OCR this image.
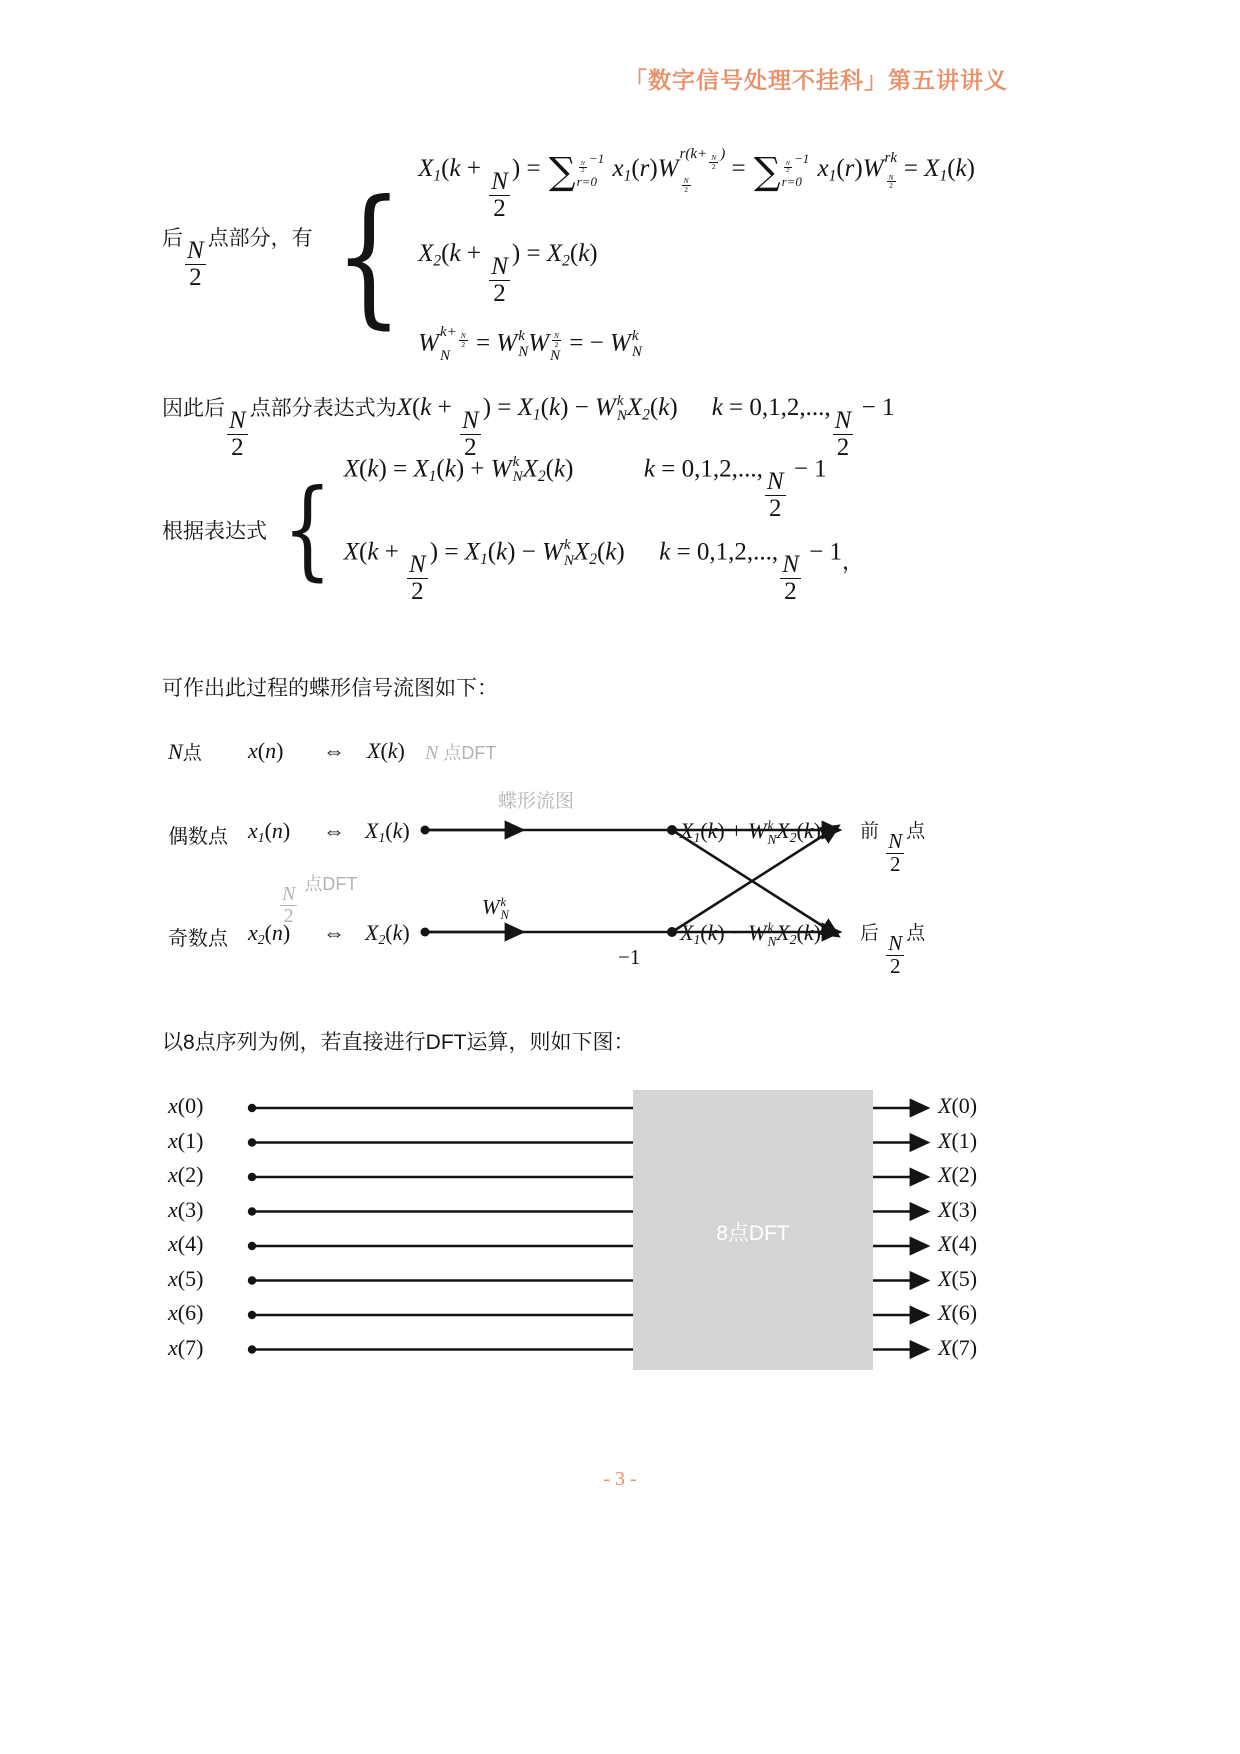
「数字信号处理不挂科」第五讲讲义
后 $\frac{N}{2}$ 点部分，有 { $X_1(k$ +
$\frac{N}{2}$
) = ∑ $\frac{N}{2}$
−1
r=0 $x_1(r)W$
$r(k+ \frac{N}{2}$ )
$\frac{N}{2}$
= ∑ $\frac{N}{2}$
−1
r=0 $x_1(r)W$ rk
$\frac{N}{2} = X_1(k)$
$X_2(k$ +
$\frac{N}{2}$
) = $X_2(k)$
W $k+ \frac{N}{2}$
N = W k
N W $\frac{N}{2}$
N = − W k
N
因此后 $\frac{N}{2}$ 点部分表达式为X(k +
$\frac{N}{2}$
) = $X_1(k) - W$ k
N $X_2(k) k = 0,1,2$,...,
$\frac{N}{2}$
− 1
根据表达式 { $X(k) = X_1(k) + W$ k
N $X_2(k)$	k = 0,1,2,...,
$\frac{N}{2}$
− 1
X(k +
$\frac{N}{2}$
) = $X_1(k) - W$ k
N $X_2(k) k = 0,1,2$,...,
$\frac{N}{2}$
− 1 ，
可作出此过程的蝶形信号流图如下：
N点 x(n) ⇔ X(k) N 点DFT
蝶形流图
偶数点 $x_1(n)$ ⇔ $X_1(k)$
$\frac{N}{2}$
点DFT
奇数点 $x_2(n)$ ⇔ $X_2(k)$
W k
N
−1
$X_1(k) + W$ k
N $X_2(k)$ 前 $\frac{N}{2}$ 点
$X_1(k) - W$ k
N $X_2(k)$ 后 $\frac{N}{2}$ 点
以8点序列为例，若直接进行DFT运算，则如下图：
8点DFT
x(0)
x(1)
x(2)
x(3)
x(4)
x(5)
x(6)
x(7)
X(0)
X(1)
X(2)
X(3)
X(4)
X(5)
X(6)
X(7)
- 3 -
